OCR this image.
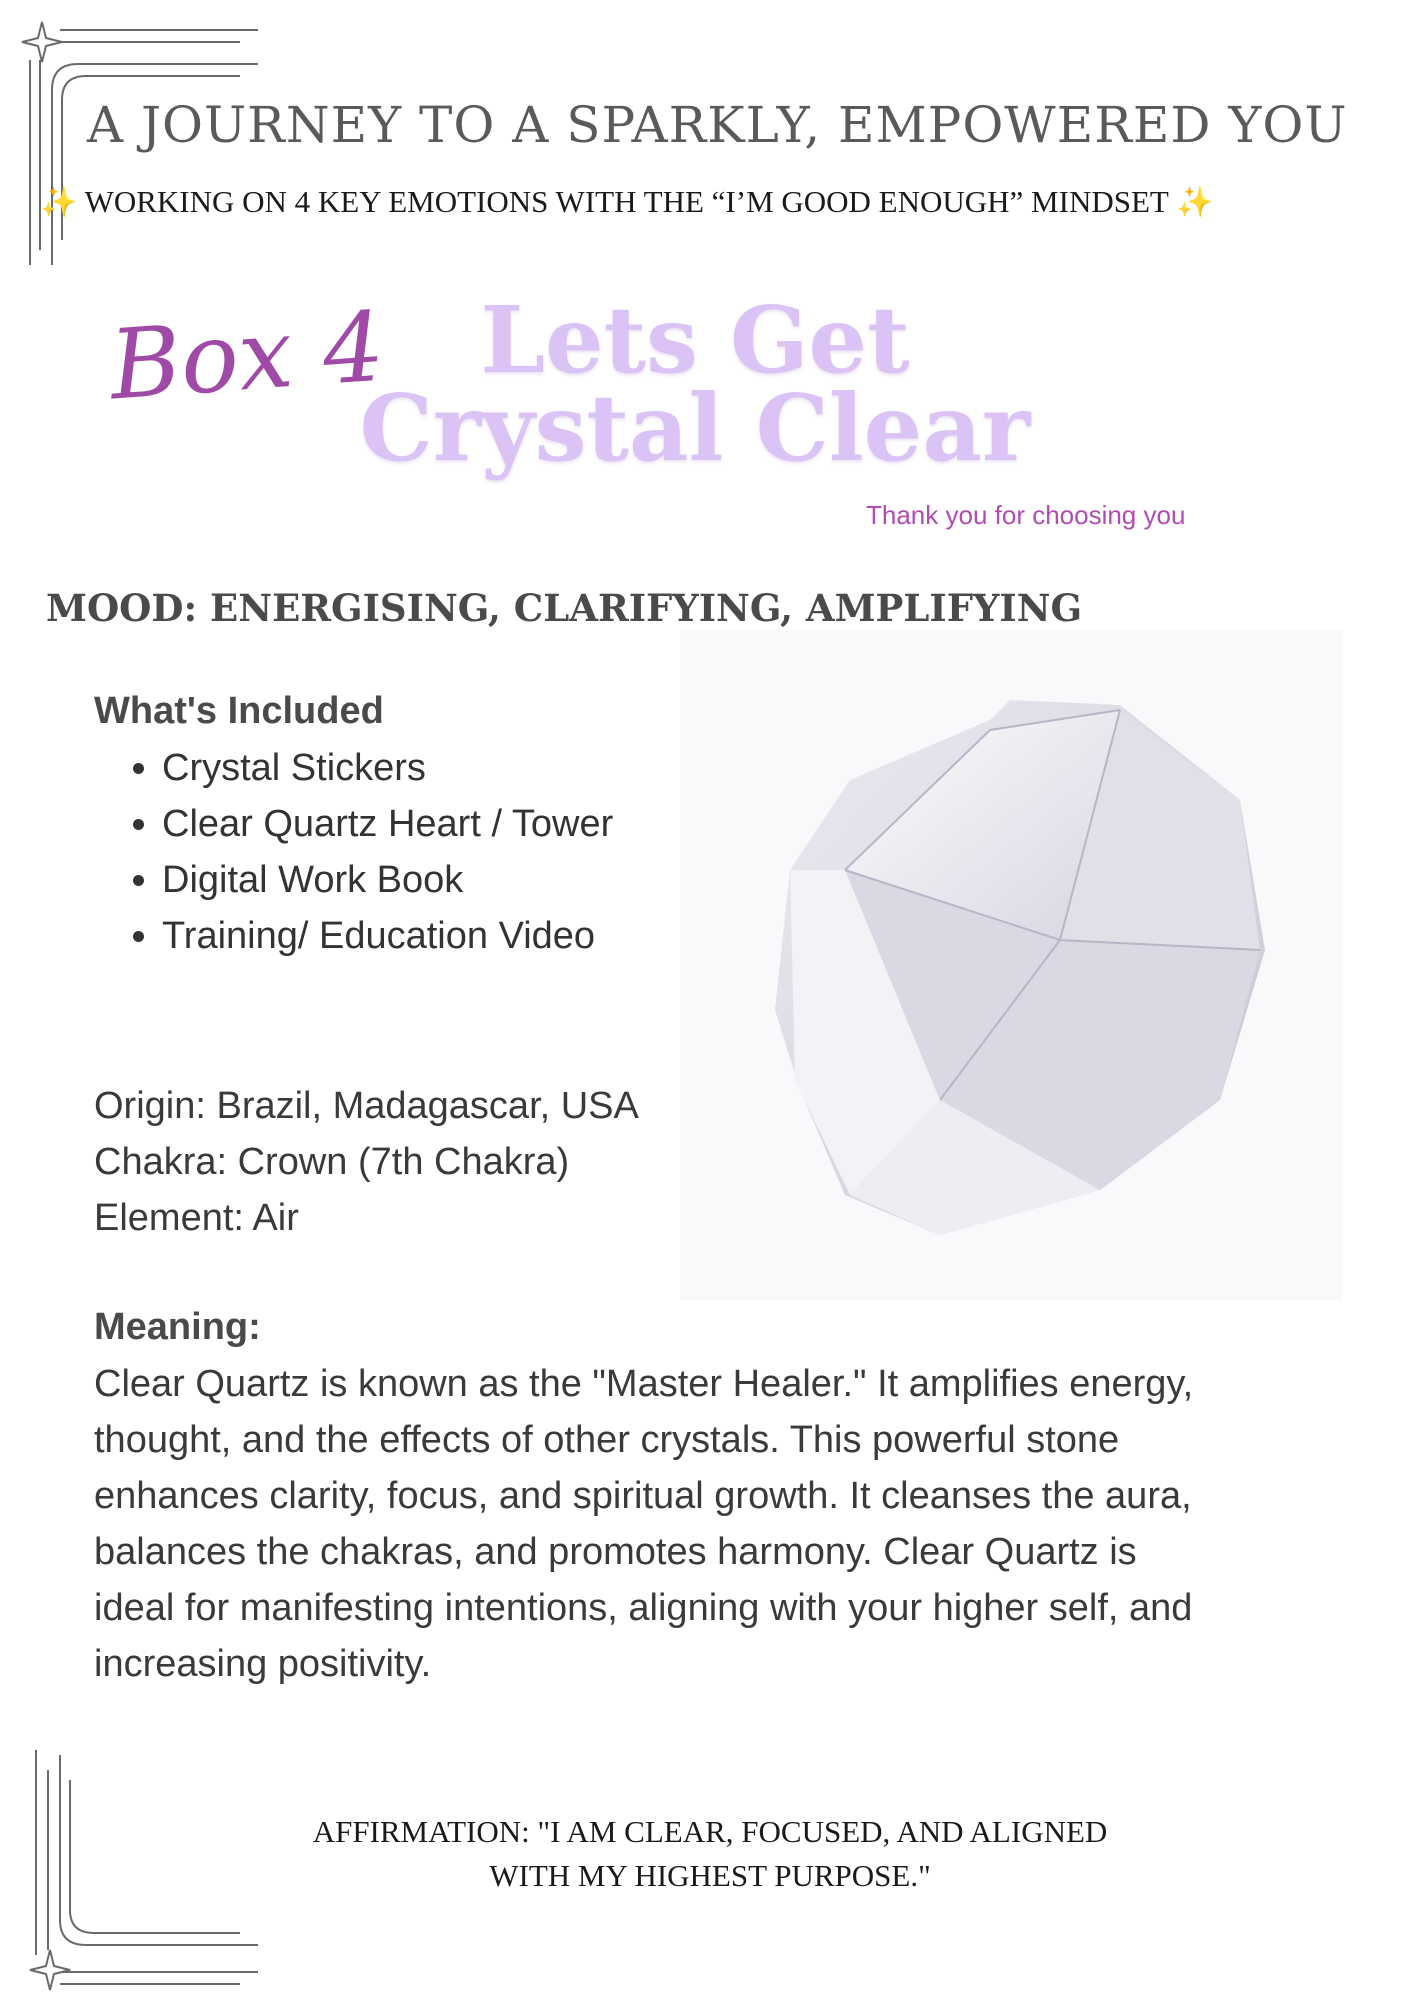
A JOURNEY TO A SPARKLY, EMPOWERED YOU
✨ WORKING ON 4 KEY EMOTIONS WITH THE “I’M GOOD ENOUGH” MINDSET ✨
Box 4	Lets Get
Crystal Clear
Thank you for choosing you
MOOD: ENERGISING, CLARIFYING, AMPLIFYING
What's Included
• Crystal Stickers
• Clear Quartz Heart / Tower
• Digital Work Book
• Training/ Education Video
Origin: Brazil, Madagascar, USA
Chakra: Crown (7th Chakra)
Element: Air
Meaning:
Clear Quartz is known as the "Master Healer." It amplifies energy, thought, and the effects of other crystals. This powerful stone enhances clarity, focus, and spiritual growth. It cleanses the aura, balances the chakras, and promotes harmony. Clear Quartz is ideal for manifesting intentions, aligning with your higher self, and increasing positivity.
AFFIRMATION: "I AM CLEAR, FOCUSED, AND ALIGNED
WITH MY HIGHEST PURPOSE."
